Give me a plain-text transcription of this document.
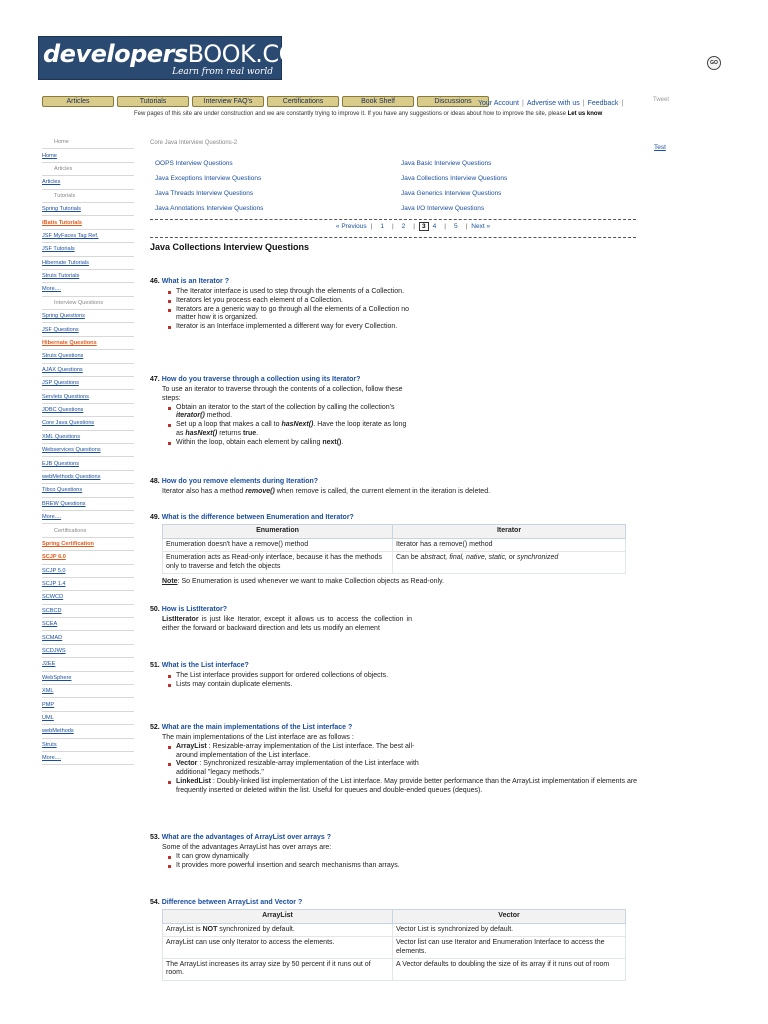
developersBOOK.COM
Learn from real world
GO
Articles	Tutorials	Interview FAQ's	Certifications	Book Shelf	Discussions Your Account | Advertise with us | Feedback |	Tweet
Few pages of this site are under construction and we are constantly trying to improve it. If you have any suggestions or ideas about how to improve the site, please Let us know
Home
Home
Articles
Articles
Tutorials
Spring Tutorials
iBatis Tutorials
JSF MyFaces Tag Ref.
JSF Tutorials
Hibernate Tutorials
Struts Tutorials
More....
Interview Questions
Spring Questions
JSF Questions
Hibernate Questions
Struts Questions
AJAX Questions
JSP Questions
Servlets Questions
JDBC Questions
Core Java Questions
XML Questions
Webservices Questions
EJB Questions
webMethods Questions
Tibco Questions
BREW Questions
More....
Certifications
Spring Certification
SCJP 6.0
SCJP 5.0
SCJP 1.4
SCWCD
SCBCD
SCEA
SCMAD
SCDJWS
J2EE
WebSphere
XML
PMP
UML
webMethods
Struts
More....
Test
Core Java Interview Questions-2
OOPS Interview Questions	Java Basic Interview Questions
Java Exceptions Interview Questions	Java Collections Interview Questions
Java Threads Interview Questions	Java Generics Interview Questions
Java Annotations Interview Questions	Java I/O Interview Questions
« Previous | 1 | 2 | 3 4 | 5 | Next »
Java Collections Interview Questions
46. What is an Iterator ?
The Iterator interface is used to step through the elements of a Collection.
Iterators let you process each element of a Collection.
Iterators are a generic way to go through all the elements of a Collection no matter how it is organized.
Iterator is an Interface implemented a different way for every Collection.
47. How do you traverse through a collection using its Iterator?
To use an iterator to traverse through the contents of a collection, follow these steps:
Obtain an iterator to the start of the collection by calling the collection's iterator() method.
Set up a loop that makes a call to hasNext(). Have the loop iterate as long as hasNext() returns true.
Within the loop, obtain each element by calling next().
48. How do you remove elements during Iteration?
Iterator also has a method remove() when remove is called, the current element in the iteration is deleted.
49. What is the difference between Enumeration and Iterator?
Enumeration	Iterator
Enumeration doesn't have a remove() method	Iterator has a remove() method
Enumeration acts as Read-only interface, because it has the methods only to traverse and fetch the objects	Can be abstract, final, native, static, or synchronized
Note: So Enumeration is used whenever we want to make Collection objects as Read-only.
50. How is ListIterator?
ListIterator is just like Iterator, except it allows us to access the collection in either the forward or backward direction and lets us modify an element
51. What is the List interface?
The List interface provides support for ordered collections of objects.
Lists may contain duplicate elements.
52. What are the main implementations of the List interface ?
The main implementations of the List interface are as follows :
ArrayList : Resizable-array implementation of the List interface. The best all-around implementation of the List interface.
Vector : Synchronized resizable-array implementation of the List interface with additional "legacy methods."
LinkedList : Doubly-linked list implementation of the List interface. May provide better performance than the ArrayList implementation if elements are frequently inserted or deleted within the list. Useful for queues and double-ended queues (deques).
53. What are the advantages of ArrayList over arrays ?
Some of the advantages ArrayList has over arrays are:
It can grow dynamically
It provides more powerful insertion and search mechanisms than arrays.
54. Difference between ArrayList and Vector ?
ArrayList	Vector
ArrayList is NOT synchronized by default.	Vector List is synchronized by default.
ArrayList can use only Iterator to access the elements.	Vector list can use Iterator and Enumeration Interface to access the elements.
The ArrayList increases its array size by 50 percent if it runs out of room.	A Vector defaults to doubling the size of its array if it runs out of room
